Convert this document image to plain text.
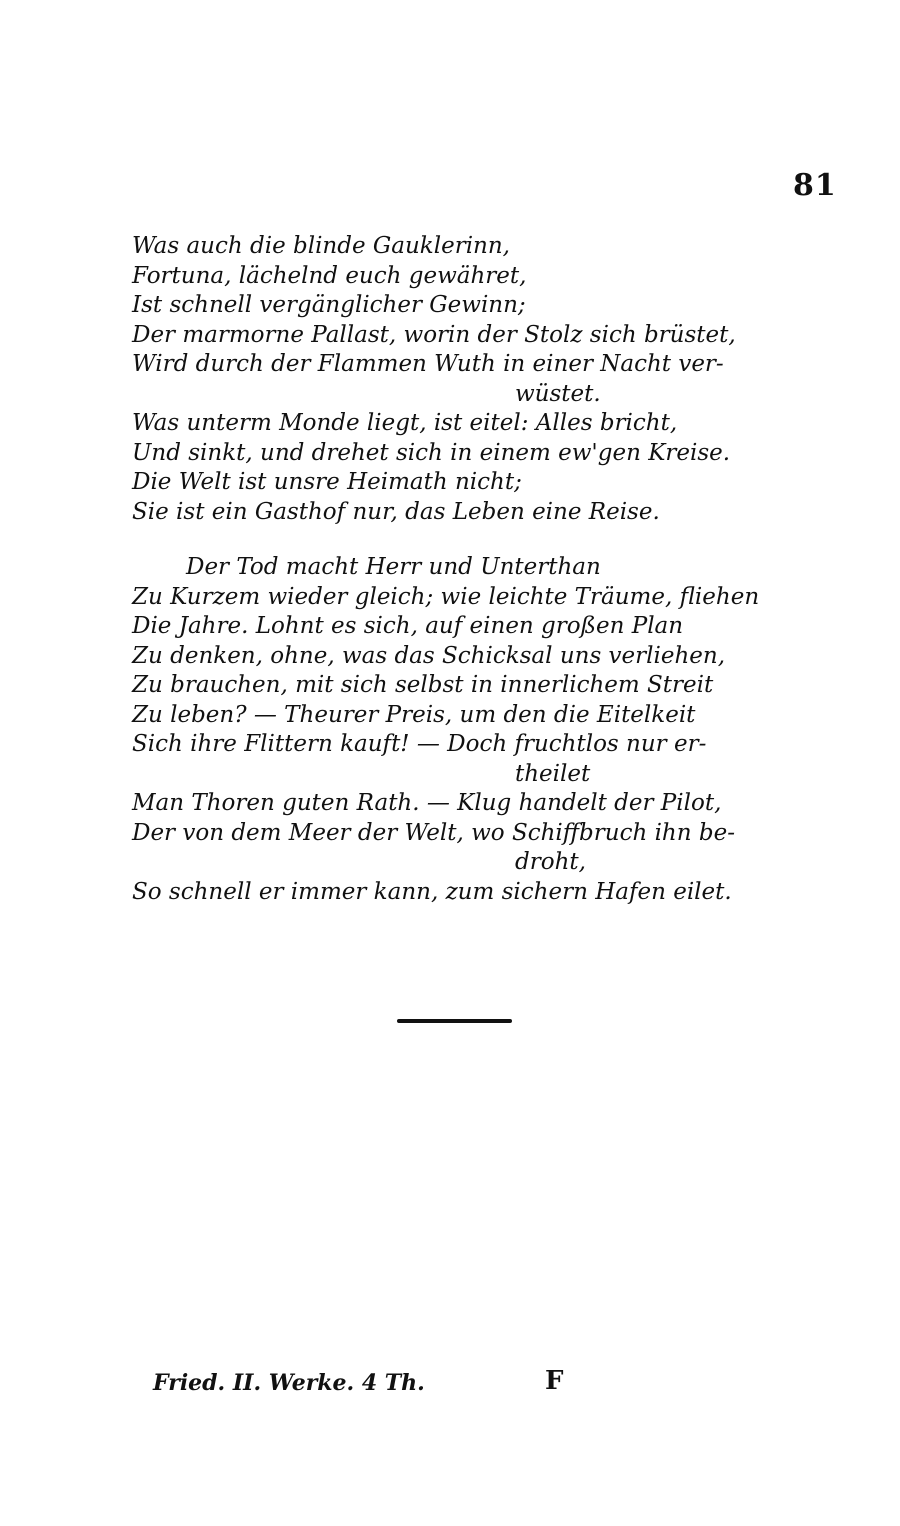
81
Was auch die blinde Gauklerinn,
Fortuna, lächelnd euch gewähret,
Ist schnell vergänglicher Gewinn;
Der marmorne Pallast, worin der Stolz sich brüstet,
Wird durch der Flammen Wuth in einer Nacht ver-
wüstet.
Was unterm Monde liegt, ist eitel: Alles bricht,
Und sinkt, und drehet sich in einem ew'gen Kreise.
Die Welt ist unsre Heimath nicht;
Sie ist ein Gasthof nur, das Leben eine Reise.
Der Tod macht Herr und Unterthan
Zu Kurzem wieder gleich; wie leichte Träume, fliehen
Die Jahre. Lohnt es sich, auf einen großen Plan
Zu denken, ohne, was das Schicksal uns verliehen,
Zu brauchen, mit sich selbst in innerlichem Streit
Zu leben? — Theurer Preis, um den die Eitelkeit
Sich ihre Flittern kauft! — Doch fruchtlos nur er-
theilet
Man Thoren guten Rath. — Klug handelt der Pilot,
Der von dem Meer der Welt, wo Schiffbruch ihn be-
droht,
So schnell er immer kann, zum sichern Hafen eilet.
Fried. II. Werke. 4 Th.	F
